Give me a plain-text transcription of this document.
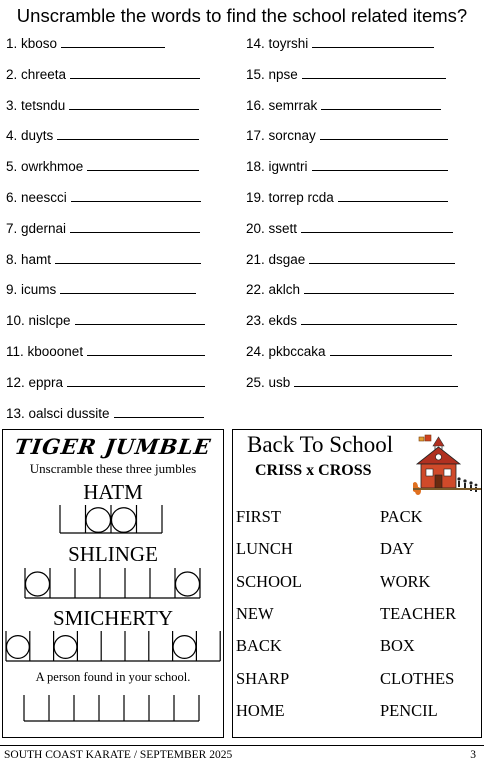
Unscramble the words to find the school related items?
1. kboso
2. chreeta
3. tetsndu
4. duyts
5. owrkhmoe
6. neescci
7. gdernai
8. hamt
9. icums
10. nislcpe
11. kbooonet
12. eppra
13. oalsci dussite
14. toyrshi
15. npse
16. semrrak
17. sorcnay
18. igwntri
19. torrep rcda
20. ssett
21. dsgae
22. aklch
23. ekds
24. pkbccaka
25. usb
TIGER JUMBLE
Unscramble these three jumbles
HATM
SHLINGE
SMICHERTY
A person found in your school.
Back To School
CRISS x CROSS
FIRST
LUNCH
SCHOOL
NEW
BACK
SHARP
HOME
PACK
DAY
WORK
TEACHER
BOX
CLOTHES
PENCIL
SOUTH COAST KARATE / SEPTEMBER 2025	3
